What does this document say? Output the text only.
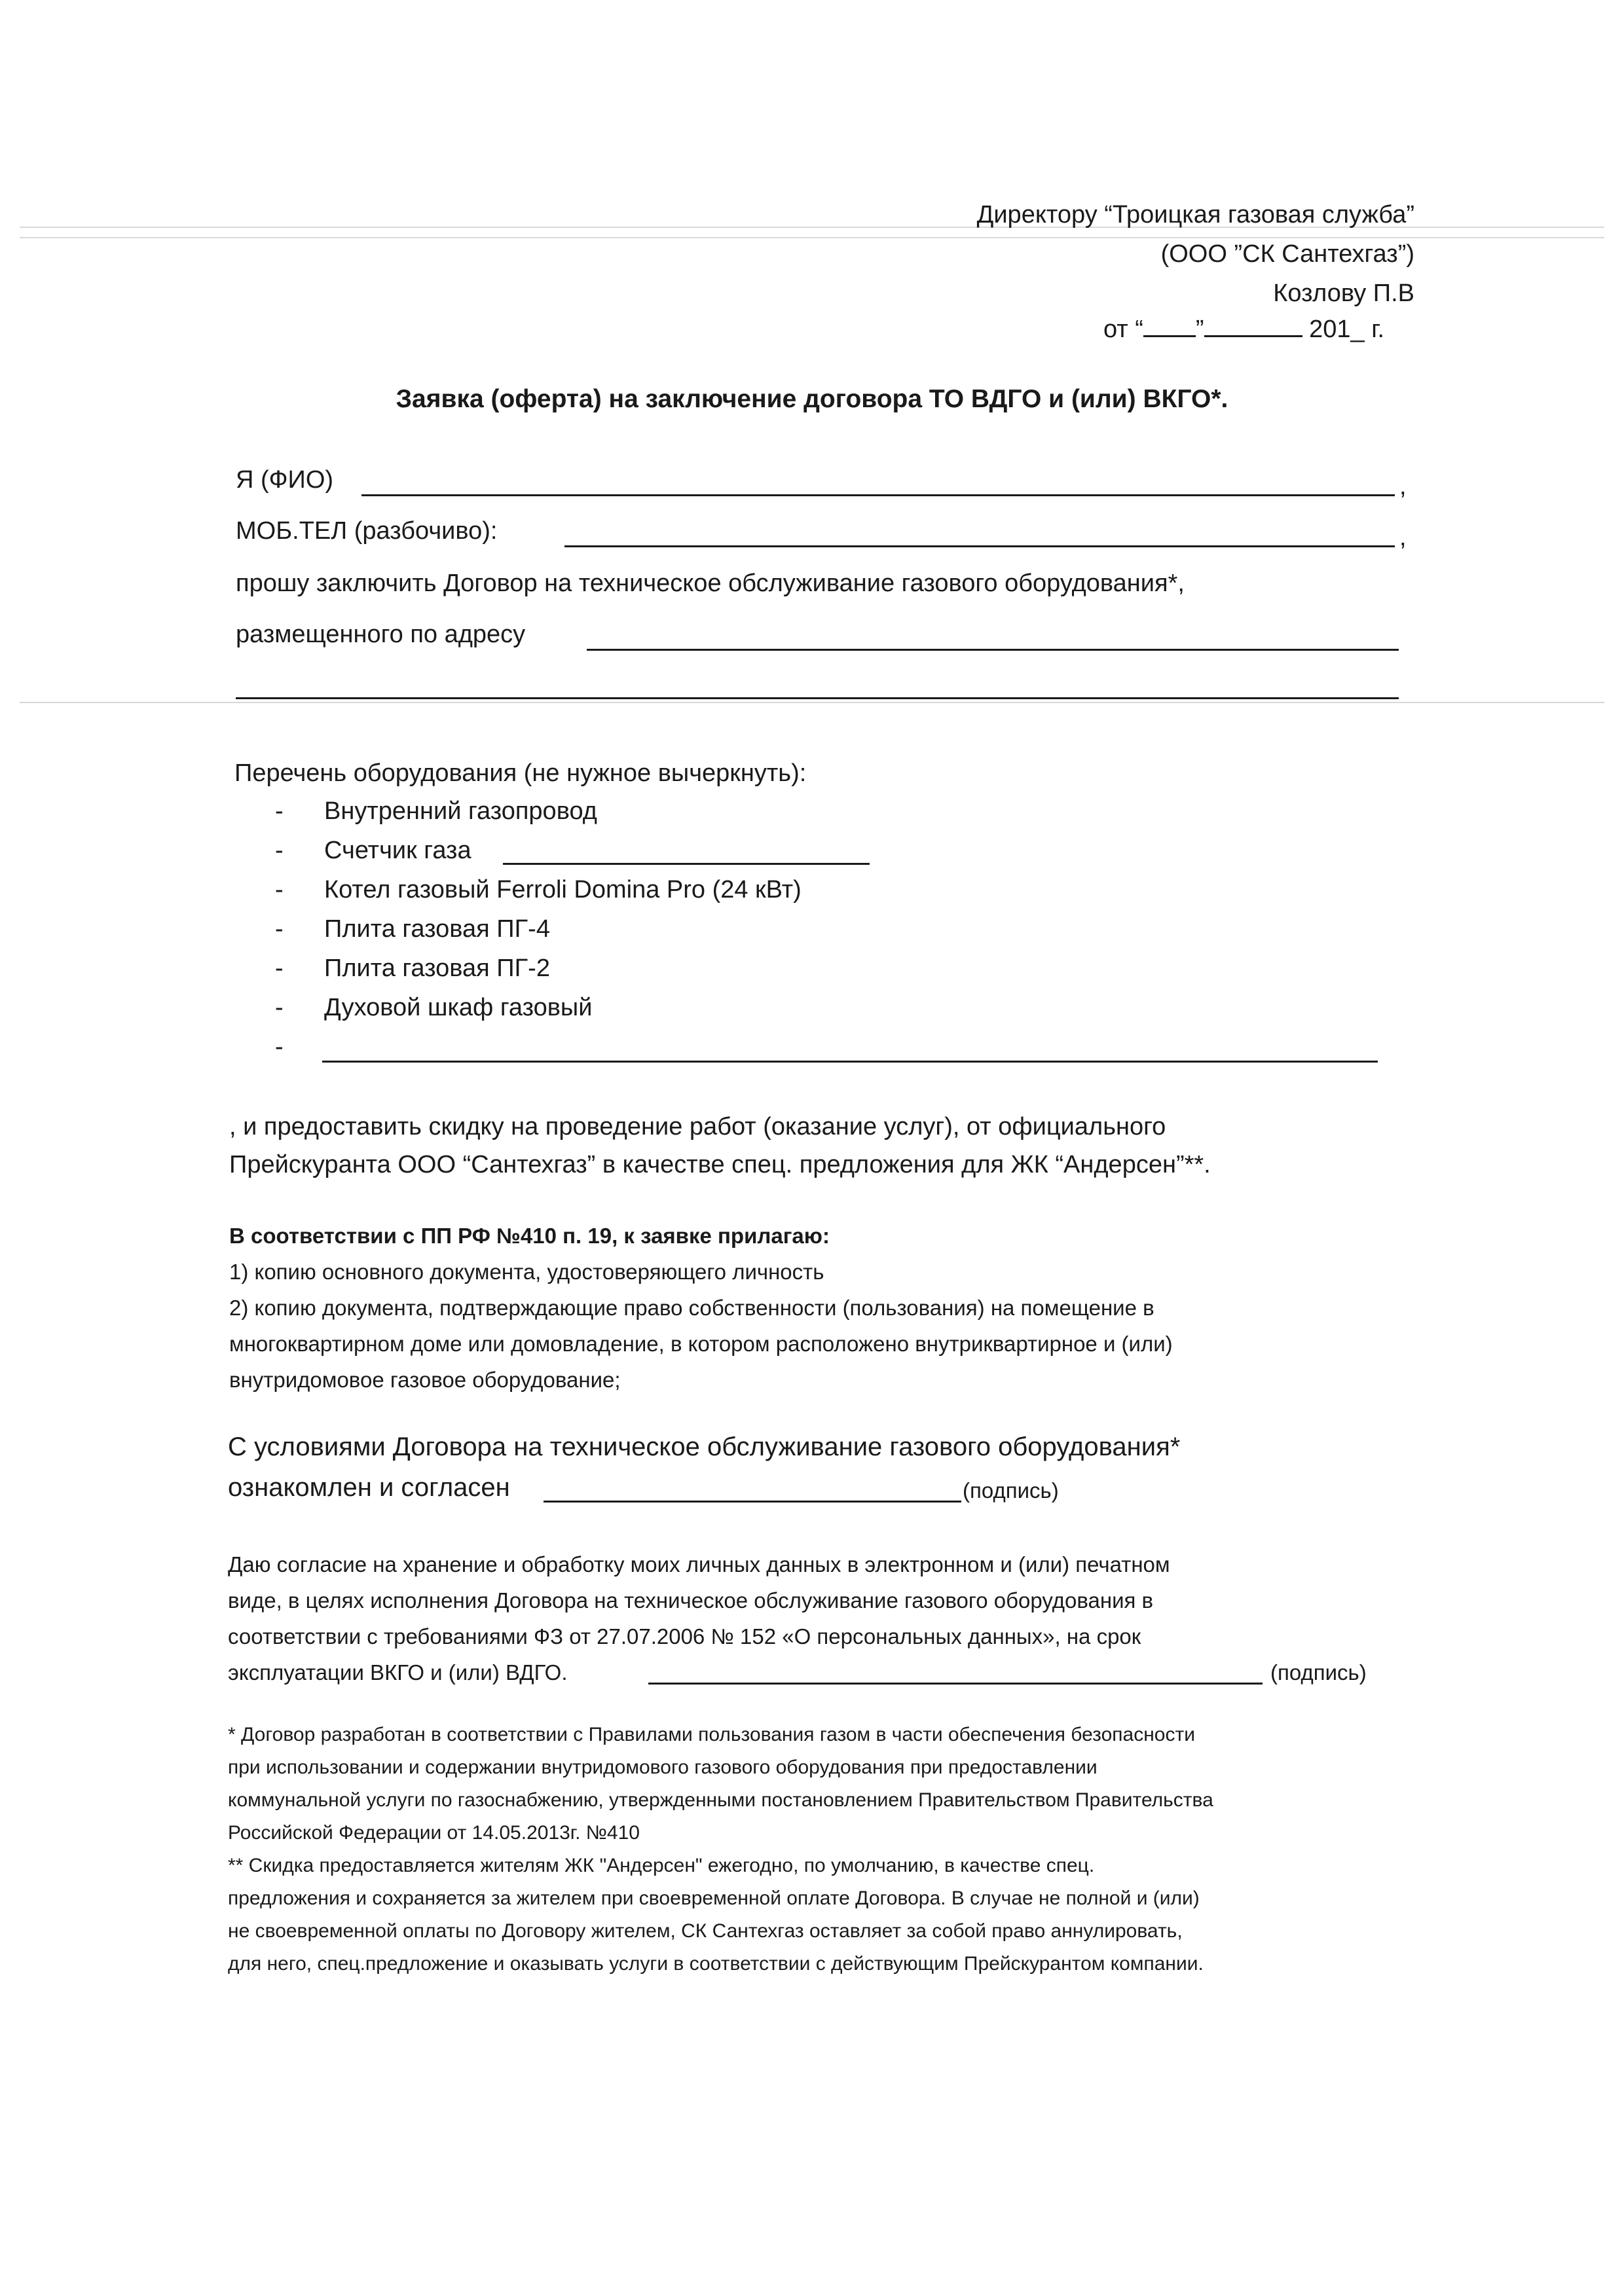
Директору “Троицкая газовая служба”
(ООО ”СК Сантехгаз”)
Козлову П.В
от “ ”	201_ г.
Заявка (оферта) на заключение договора ТО ВДГО и (или) ВКГО*.
Я (ФИО)	,
МОБ.ТЕЛ (разбочиво):	,
прошу заключить Договор на техническое обслуживание газового оборудования*,
размещенного по адресу
Перечень оборудования (не нужное вычеркнуть):
- Внутренний газопровод
- Счетчик газа
- Котел газовый Ferroli Domina Pro (24 кВт)
- Плита газовая ПГ-4
- Плита газовая ПГ-2
- Духовой шкаф газовый
-
, и предоставить скидку на проведение работ (оказание услуг), от официального
Прейскуранта ООО “Сантехгаз” в качестве спец. предложения для ЖК “Андерсен”**.
В соответствии с ПП РФ №410 п. 19, к заявке прилагаю:
1) копию основного документа, удостоверяющего личность
2) копию документа, подтверждающие право собственности (пользования) на помещение в
многоквартирном доме или домовладение, в котором расположено внутриквартирное и (или)
внутридомовое газовое оборудование;
С условиями Договора на техническое обслуживание газового оборудования*
ознакомлен и согласен	(подпись)
Даю согласие на хранение и обработку моих личных данных в электронном и (или) печатном
виде, в целях исполнения Договора на техническое обслуживание газового оборудования в
соответствии с требованиями ФЗ от 27.07.2006 № 152 «О персональных данных», на срок
эксплуатации ВКГО и (или) ВДГО.	(подпись)
* Договор разработан в соответствии с Правилами пользования газом в части обеспечения безопасности
при использовании и содержании внутридомового газового оборудования при предоставлении
коммунальной услуги по газоснабжению, утвержденными постановлением Правительством Правительства
Российской Федерации от 14.05.2013г. №410
** Скидка предоставляется жителям ЖК "Андерсен" ежегодно, по умолчанию, в качестве спец.
предложения и сохраняется за жителем при своевременной оплате Договора. В случае не полной и (или)
не своевременной оплаты по Договору жителем, СК Сантехгаз оставляет за собой право аннулировать,
для него, спец.предложение и оказывать услуги в соответствии с действующим Прейскурантом компании.
